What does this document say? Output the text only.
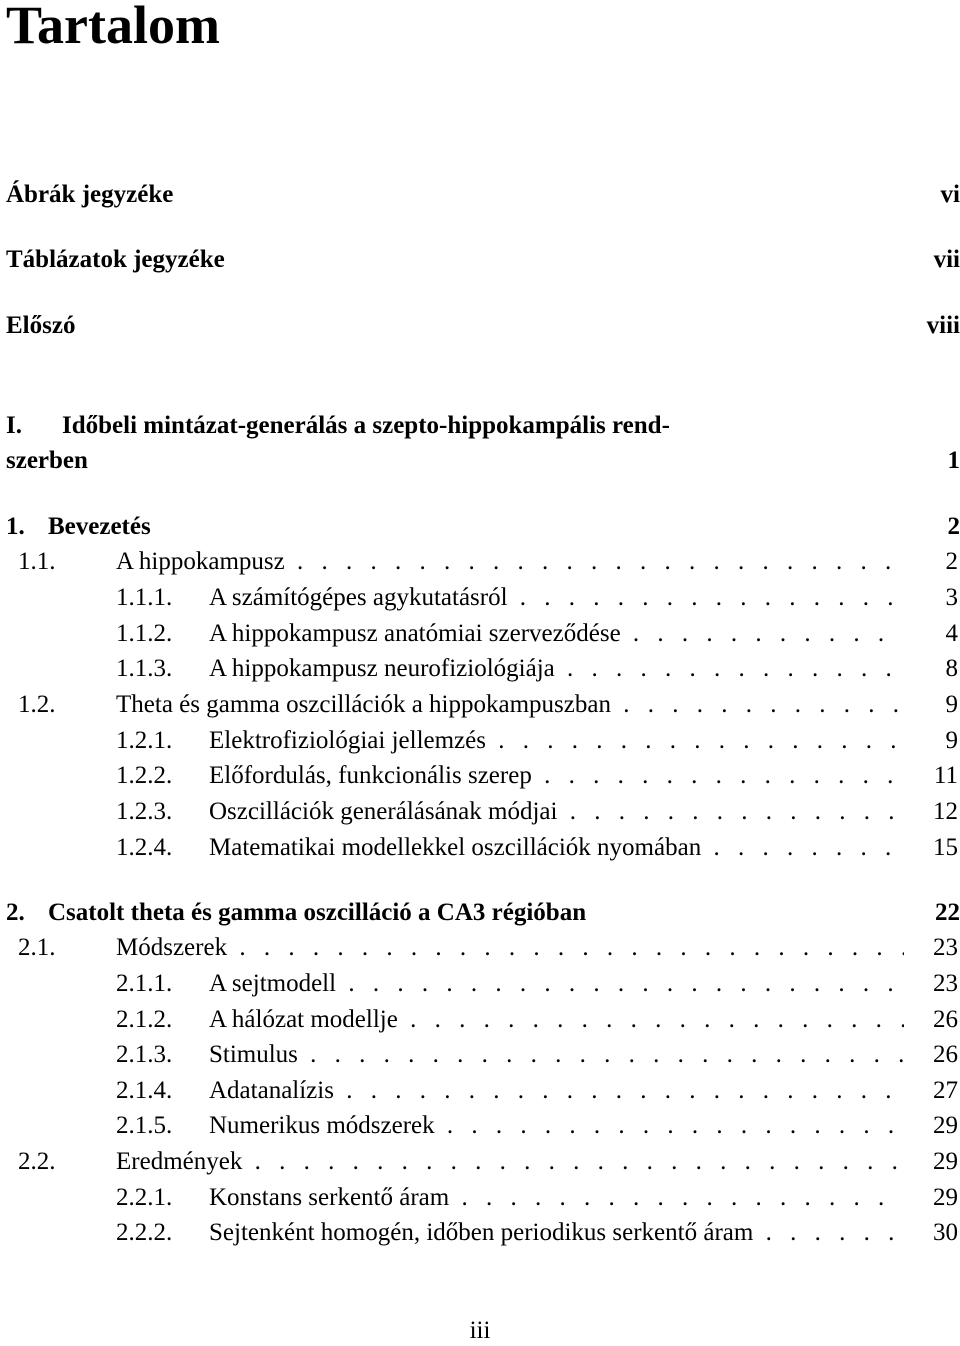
Tartalom
Ábrák jegyzéke	vi
Táblázatok jegyzéke	vii
Előszó	viii
I. Időbeli mintázat-generálás a szepto-hippokampális rend-
szerben	1
1. Bevezetés	2
1.1. A hippokampusz . . .	2
1.1.1. A számítógépes agykutatásról . . .	3
1.1.2. A hippokampusz anatómiai szerveződése . . .	4
1.1.3. A hippokampusz neurofiziológiája . . .	8
1.2. Theta és gamma oszcillációk a hippokampuszban . . .	9
1.2.1. Elektrofiziológiai jellemzés . . .	9
1.2.2. Előfordulás, funkcionális szerep . . .	11
1.2.3. Oszcillációk generálásának módjai . . .	12
1.2.4. Matematikai modellekkel oszcillációk nyomában . . .	15
2. Csatolt theta és gamma oszcilláció a CA3 régióban	22
2.1. Módszerek . . .	23
2.1.1. A sejtmodell . . .	23
2.1.2. A hálózat modellje . . .	26
2.1.3. Stimulus . . .	26
2.1.4. Adatanalízis . . .	27
2.1.5. Numerikus módszerek . . .	29
2.2. Eredmények . . .	29
2.2.1. Konstans serkentő áram . . .	29
2.2.2. Sejtenként homogén, időben periodikus serkentő áram . . .	30
iii
